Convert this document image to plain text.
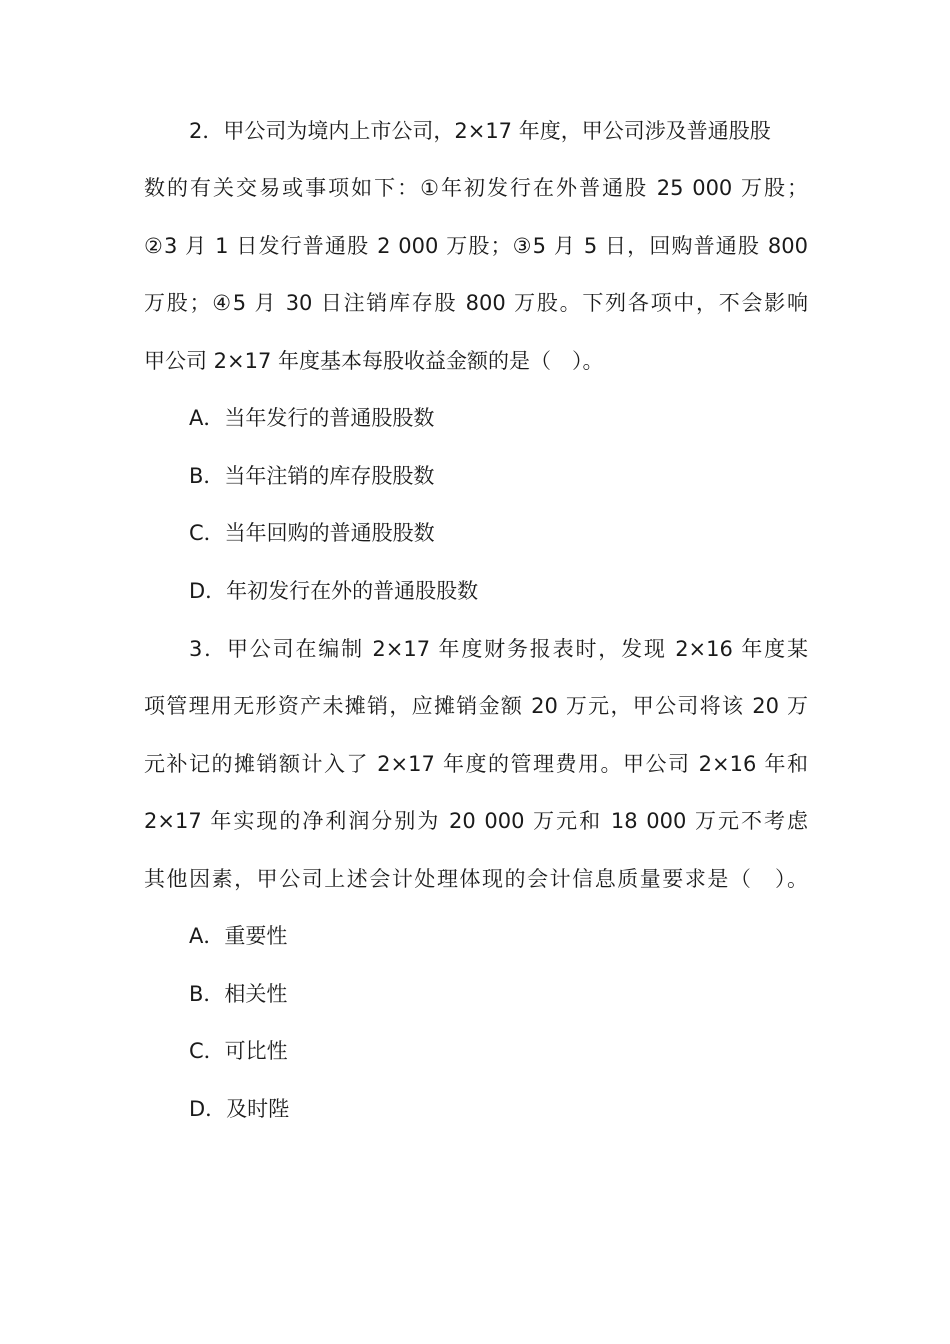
2．甲公司为境内上市公司，2×17 年度，甲公司涉及普通股股
数的有关交易或事项如下：①年初发行在外普通股 25 000 万股；
②3 月 1 日发行普通股 2 000 万股；③5 月 5 日，回购普通股 800
万股；④5 月 30 日注销库存股 800 万股。下列各项中，不会影响
甲公司 2×17 年度基本每股收益金额的是（　）。
A．当年发行的普通股股数
B．当年注销的库存股股数
C．当年回购的普通股股数
D．年初发行在外的普通股股数
3．甲公司在编制 2×17 年度财务报表时，发现 2×16 年度某
项管理用无形资产未摊销，应摊销金额 20 万元，甲公司将该 20 万
元补记的摊销额计入了 2×17 年度的管理费用。甲公司 2×16 年和
2×17 年实现的净利润分别为 20 000 万元和 18 000 万元不考虑
其他因素，甲公司上述会计处理体现的会计信息质量要求是（　）。
A．重要性
B．相关性
C．可比性
D．及时陛
